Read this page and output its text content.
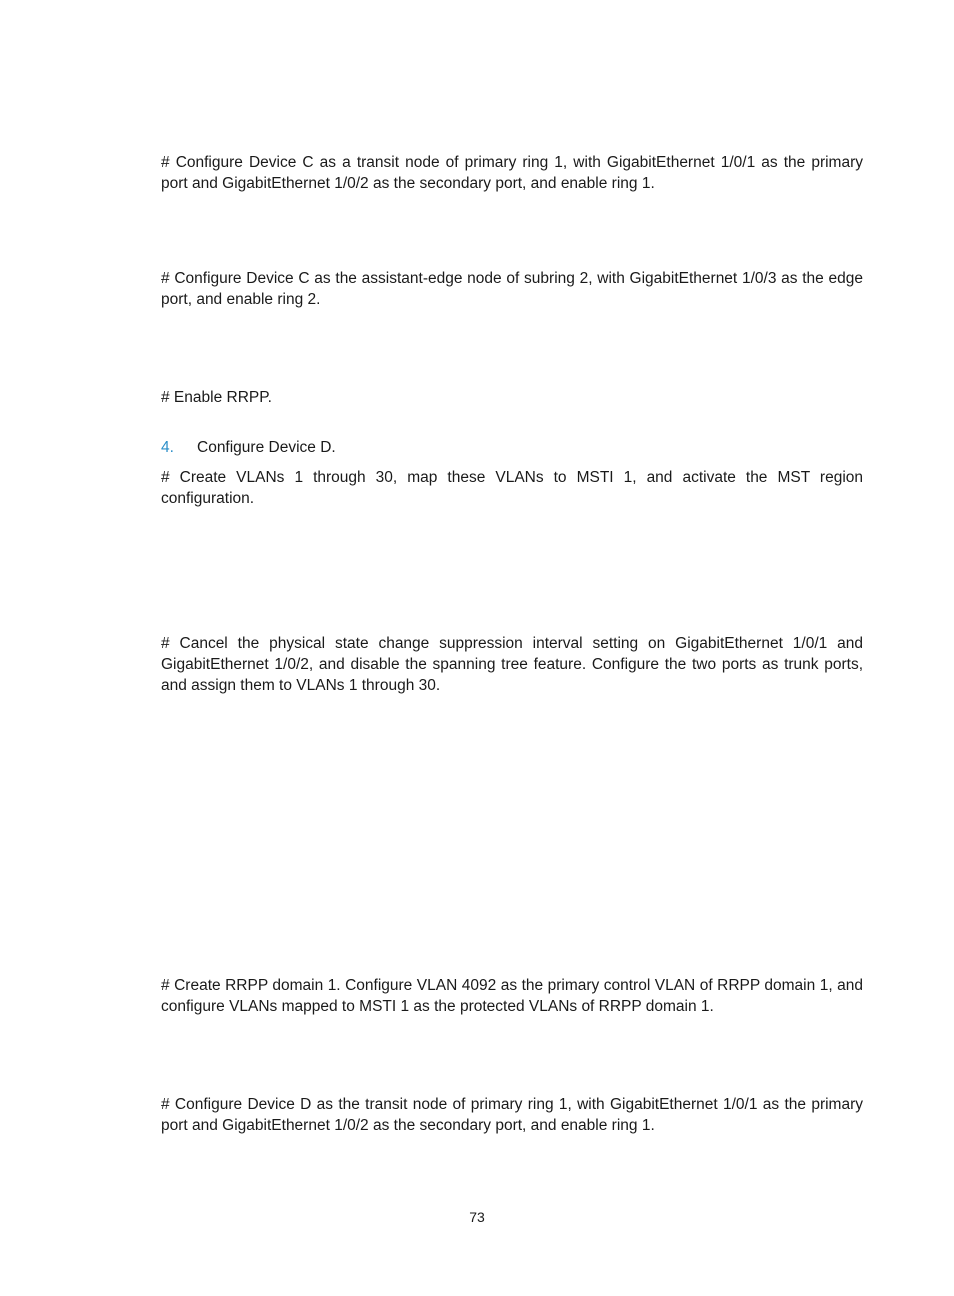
# Configure Device C as a transit node of primary ring 1, with GigabitEthernet 1/0/1 as the primary port and GigabitEthernet 1/0/2 as the secondary port, and enable ring 1.

# Configure Device C as the assistant-edge node of subring 2, with GigabitEthernet 1/0/3 as the edge port, and enable ring 2.

# Enable RRPP.

4. Configure Device D.

# Create VLANs 1 through 30, map these VLANs to MSTI 1, and activate the MST region configuration.

# Cancel the physical state change suppression interval setting on GigabitEthernet 1/0/1 and GigabitEthernet 1/0/2, and disable the spanning tree feature. Configure the two ports as trunk ports, and assign them to VLANs 1 through 30.

# Create RRPP domain 1. Configure VLAN 4092 as the primary control VLAN of RRPP domain 1, and configure VLANs mapped to MSTI 1 as the protected VLANs of RRPP domain 1.

# Configure Device D as the transit node of primary ring 1, with GigabitEthernet 1/0/1 as the primary port and GigabitEthernet 1/0/2 as the secondary port, and enable ring 1.

73
